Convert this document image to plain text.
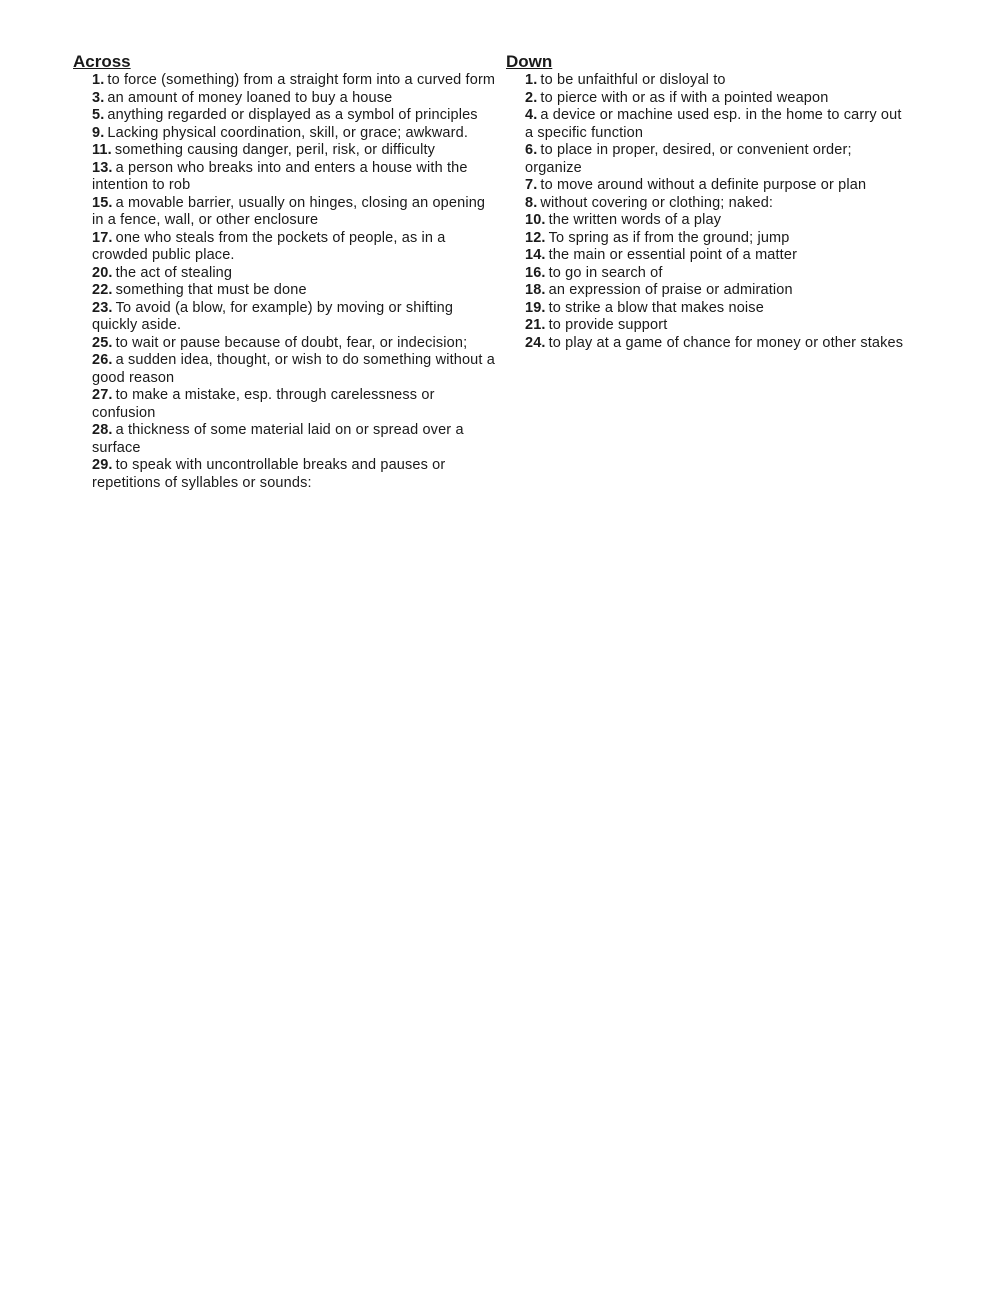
Across
1. to force (something) from a straight form into a curved form
3. an amount of money loaned to buy a house
5. anything regarded or displayed as a symbol of principles
9. Lacking physical coordination, skill, or grace; awkward.
11. something causing danger, peril, risk, or difficulty
13. a person who breaks into and enters a house with the intention to rob
15. a movable barrier, usually on hinges, closing an opening in a fence, wall, or other enclosure
17. one who steals from the pockets of people, as in a crowded public place.
20. the act of stealing
22. something that must be done
23. To avoid (a blow, for example) by moving or shifting quickly aside.
25. to wait or pause because of doubt, fear, or indecision;
26. a sudden idea, thought, or wish to do something without a good reason
27. to make a mistake, esp. through carelessness or confusion
28. a thickness of some material laid on or spread over a surface
29. to speak with uncontrollable breaks and pauses or repetitions of syllables or sounds:
Down
1. to be unfaithful or disloyal to
2. to pierce with or as if with a pointed weapon
4. a device or machine used esp. in the home to carry out a specific function
6. to place in proper, desired, or convenient order; organize
7. to move around without a definite purpose or plan
8. without covering or clothing; naked:
10. the written words of a play
12. To spring as if from the ground; jump
14. the main or essential point of a matter
16. to go in search of
18. an expression of praise or admiration
19. to strike a blow that makes noise
21. to provide support
24. to play at a game of chance for money or other stakes
